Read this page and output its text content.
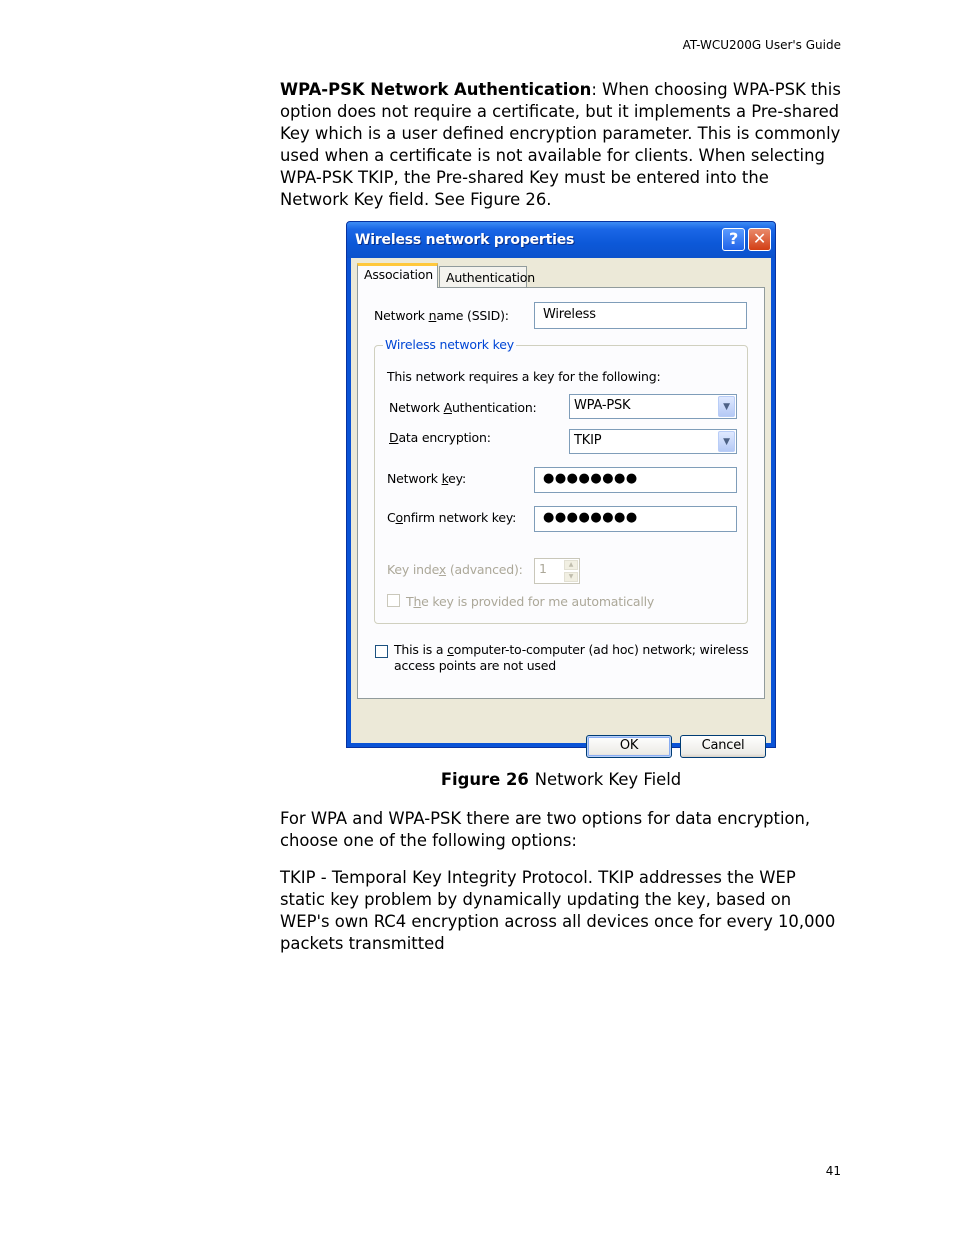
AT-WCU200G User's Guide
WPA-PSK Network Authentication: When choosing WPA-PSK this option does not require a certificate, but it implements a Pre-shared Key which is a user defined encryption parameter. This is commonly used when a certificate is not available for clients. When selecting WPA-PSK TKIP, the Pre-shared Key must be entered into the Network Key field. See Figure 26.
Wireless network properties	? ✕
Association	Authentication
Network name (SSID):	Wireless
Wireless network key
This network requires a key for the following:
Network Authentication:	WPA-PSK	▼
Data encryption:	TKIP	▼
Network key:	●●●●●●●●
Confirm network key:	●●●●●●●●
Key index (advanced):	1	▲
▼
The key is provided for me automatically
This is a computer-to-computer (ad hoc) network; wireless
access points are not used
OK	Cancel
Figure 26 Network Key Field
For WPA and WPA-PSK there are two options for data encryption, choose one of the following options:
TKIP - Temporal Key Integrity Protocol. TKIP addresses the WEP static key problem by dynamically updating the key, based on WEP's own RC4 encryption across all devices once for every 10,000 packets transmitted
41
